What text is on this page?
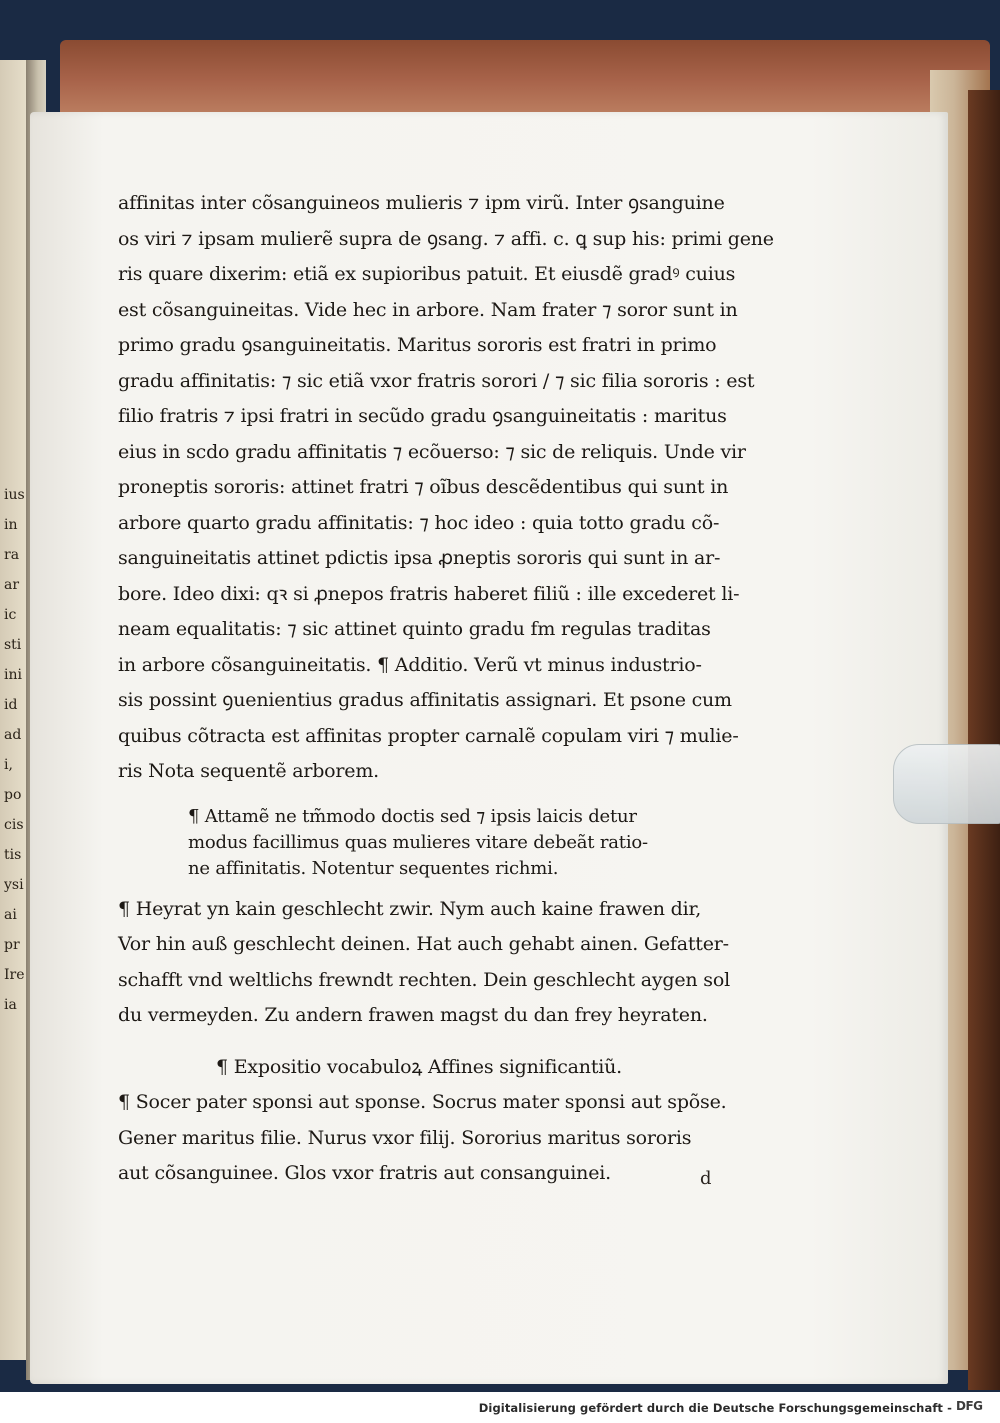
ius
in
ra
ar
ic
sti
ini
id
ad
i,
po
cis
tis
ysi
ai
pr
Ire
ia
affinitas inter cõsanguineos mulieris ⁊ ipm virũ. Inter ꝯsanguine
os viri ⁊ ipsam mulierẽ supra de ꝯsang. ⁊ affi. c. ꝗ sup his: primi gene
ris quare dixerim: etiã ex supioribus patuit. Et eiusdẽ gradꝰ cuius
est cõsanguineitas. Vide hec in arbore. Nam frater ⁊ soror sunt in
primo gradu ꝯsanguineitatis. Maritus sororis est fratri in primo
gradu affinitatis: ⁊ sic etiã vxor fratris sorori / ⁊ sic filia sororis : est
filio fratris ⁊ ipsi fratri in secũdo gradu ꝯsanguineitatis : maritus
eius in scdo gradu affinitatis ⁊ ecõuerso: ⁊ sic de reliquis. Unde vir
proneptis sororis: attinet fratri ⁊ oĩbus descẽdentibus qui sunt in
arbore quarto gradu affinitatis: ⁊ hoc ideo : quia totto gradu cõ-
sanguineitatis attinet pdictis ipsa ꝓneptis sororis qui sunt in ar-
bore. Ideo dixi: qꝛ si ꝓnepos fratris haberet filiũ : ille excederet li-
neam equalitatis: ⁊ sic attinet quinto gradu fm regulas traditas
in arbore cõsanguineitatis. ¶ Additio. Verũ vt minus industrio-
sis possint ꝯuenientius gradus affinitatis assignari. Et psone cum
quibus cõtracta est affinitas propter carnalẽ copulam viri ⁊ mulie-
ris Nota sequentẽ arborem.
¶ Attamẽ ne tm̃modo doctis sed ⁊ ipsis laicis detur
modus facillimus quas mulieres vitare debeãt ratio-
ne affinitatis. Notentur sequentes richmi.
¶ Heyrat yn kain geschlecht zwir. Nym auch kaine frawen dir,
Vor hin auß geschlecht deinen. Hat auch gehabt ainen. Gefatter-
schafft vnd weltlichs frewndt rechten. Dein geschlecht aygen sol
du vermeyden. Zu andern frawen magst du dan frey heyraten.
¶ Expositio vocabuloꝝ Affines significantiũ.
¶ Socer pater sponsi aut sponse. Socrus mater sponsi aut spõse.
Gener maritus filie. Nurus vxor filij. Sororius maritus sororis
aut cõsanguinee. Glos vxor fratris aut consanguinei.	d
Digitalisierung gefördert durch die Deutsche Forschungsgemeinschaft - DFG
